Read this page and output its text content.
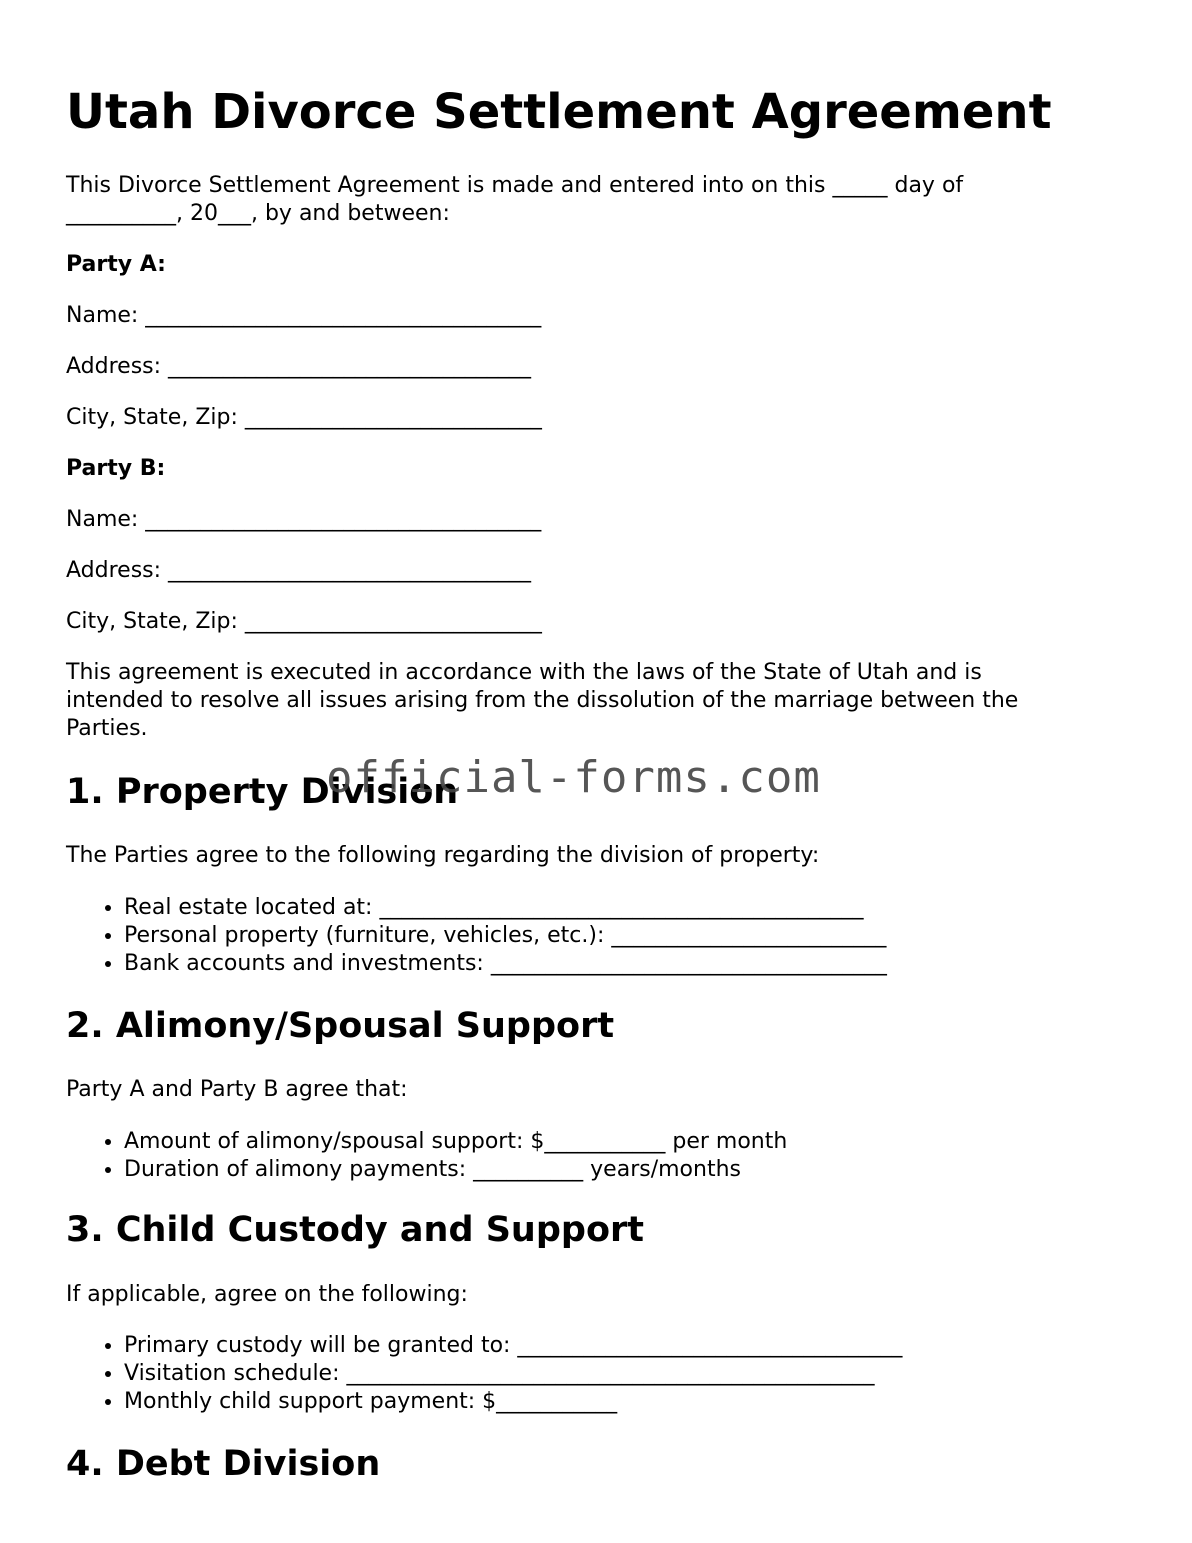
Utah Divorce Settlement Agreement

This Divorce Settlement Agreement is made and entered into on this _____ day of

__________, 20___, by and between:

Party A:

Name: ____________________________________

Address: _________________________________

City, State, Zip: ___________________________

Party B:

Name: ____________________________________

Address: _________________________________

City, State, Zip: ___________________________

This agreement is executed in accordance with the laws of the State of Utah and is intended to resolve all issues arising from the dissolution of the marriage between the Parties.

1. Property Division

The Parties agree to the following regarding the division of property:

• Real estate located at: ____________________________________________
• Personal property (furniture, vehicles, etc.): _________________________
• Bank accounts and investments: ____________________________________
2. Alimony/Spousal Support

Party A and Party B agree that:

• Amount of alimony/spousal support: $___________ per month
• Duration of alimony payments: __________ years/months
3. Child Custody and Support

If applicable, agree on the following:

• Primary custody will be granted to: ___________________________________
• Visitation schedule: ________________________________________________
• Monthly child support payment: $___________
4. Debt Division
official-forms.com
